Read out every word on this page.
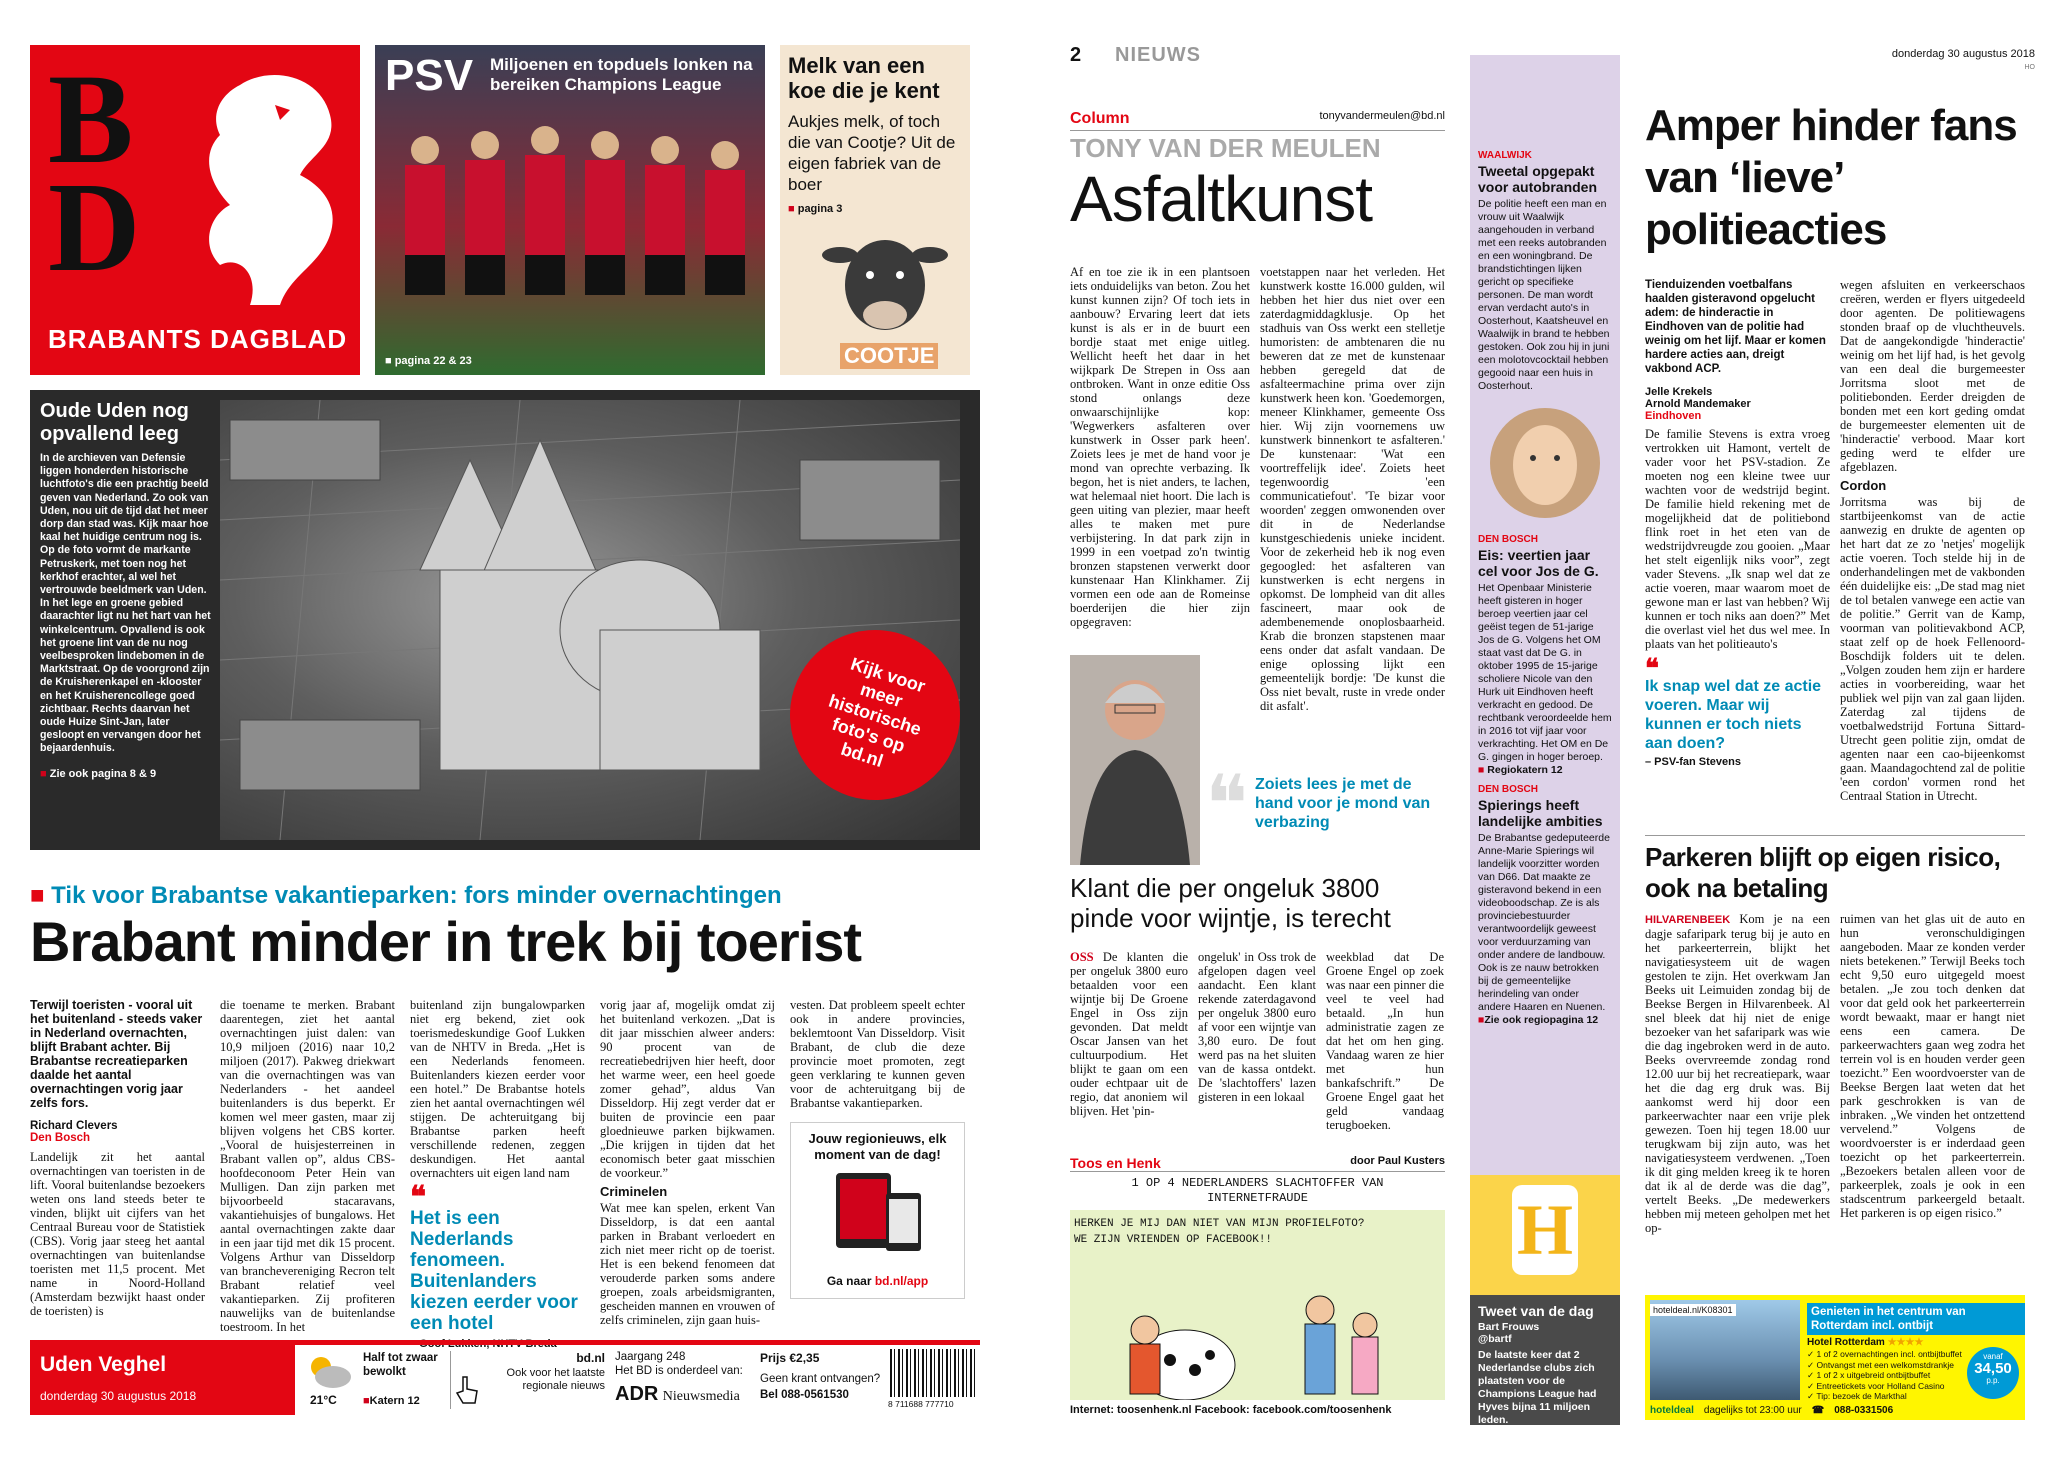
B
D
BRABANTS DAGBLAD
PSV Miljoenen en topduels lonken na bereiken Champions League
■ pagina 22 & 23
Melk van een koe die je kent
Aukjes melk, of toch die van Cootje? Uit de eigen fabriek van de boer
■ pagina 3
COOTJE
Oude Uden nog opvallend leeg
In de archieven van Defensie liggen honderden historische luchtfoto's die een prachtig beeld geven van Nederland. Zo ook van Uden, nou uit de tijd dat het meer dorp dan stad was. Kijk maar hoe kaal het huidige centrum nog is. Op de foto vormt de markante Petruskerk, met toen nog het kerkhof erachter, al wel het vertrouwde beeldmerk van Uden. In het lege en groene gebied daarachter ligt nu het hart van het winkelcentrum. Opvallend is ook het groene lint van de nu nog veelbesproken lindebomen in de Marktstraat. Op de voorgrond zijn de Kruisherenkapel en -klooster en het Kruisherencollege goed zichtbaar. Rechts daarvan het oude Huize Sint-Jan, later gesloopt en vervangen door het bejaardenhuis.
■ Zie ook pagina 8 & 9
Kijk voor meer historische foto's op bd.nl
■ Tik voor Brabantse vakantieparken: fors minder overnachtingen
Brabant minder in trek bij toerist
Terwijl toeristen - vooral uit het buitenland - steeds vaker in Nederland overnachten, blijft Brabant achter. Bij Brabantse recreatieparken daalde het aantal overnachtingen vorig jaar zelfs fors.
Richard Clevers
Den Bosch
Landelijk zit het aantal overnachtingen van toeristen in de lift. Vooral buitenlandse bezoekers weten ons land steeds beter te vinden, blijkt uit cijfers van het Centraal Bureau voor de Statistiek (CBS). Vorig jaar steeg het aantal overnachtingen van buitenlandse toeristen met 11,5 procent. Met name in Noord-Holland (Amsterdam bezwijkt haast onder de toeristen) is
die toename te merken. Brabant daarentegen, ziet het aantal overnachtingen juist dalen: van 10,9 miljoen (2016) naar 10,2 miljoen (2017). Pakweg driekwart van die overnachtingen was van Nederlanders - het aandeel buitenlanders is dus beperkt. Er komen wel meer gasten, maar zij blijven volgens het CBS korter. „Vooral de huisjesterreinen in Brabant vallen op”, aldus CBS-hoofdeconoom Peter Hein van Mulligen. Dan zijn parken met bijvoorbeeld stacaravans, vakantiehuisjes of bungalows. Het aantal overnachtingen zakte daar in een jaar tijd met dik 15 procent. Volgens Arthur van Disseldorp van branchevereniging Recron telt Brabant relatief veel vakantieparken. Zij profiteren nauwelijks van de buitenlandse toestroom. In het
buitenland zijn bungalowparken niet erg bekend, ziet ook toerismedeskundige Goof Lukken van de NHTV in Breda. „Het is een Nederlands fenomeen. Buitenlanders kiezen eerder voor een hotel.” De Brabantse hotels zien het aantal overnachtingen wél stijgen. De achteruitgang bij Brabantse parken heeft verschillende redenen, zeggen deskundigen. Het aantal overnachters uit eigen land nam
❝
Het is een Nederlands fenomeen. Buitenlanders kiezen eerder voor een hotel
– Goof Lukken, NHTV Breda
vorig jaar af, mogelijk omdat zij het buitenland verkozen. „Dat is dit jaar misschien alweer anders: 90 procent van de recreatiebedrijven hier heeft, door het warme weer, een heel goede zomer gehad”, aldus Van Disseldorp. Hij zegt verder dat er buiten de provincie een paar gloednieuwe parken bijkwamen. „Die krijgen in tijden dat het economisch beter gaat misschien de voorkeur.”
Criminelen
Wat mee kan spelen, erkent Van Disseldorp, is dat een aantal parken in Brabant verloedert en zich niet meer richt op de toerist. Het is een bekend fenomeen dat verouderde parken soms andere groepen, zoals arbeidsmigranten, gescheiden mannen en vrouwen of zelfs criminelen, zijn gaan huis-
vesten. Dat probleem speelt echter ook in andere provincies, beklemtoont Van Disseldorp. Visit Brabant, de club die deze provincie moet promoten, zegt geen verklaring te kunnen geven voor de achteruitgang bij de Brabantse vakantieparken.
Jouw regionieuws, elk moment van de dag!
Ga naar bd.nl/app
Uden Veghel
donderdag 30 augustus 2018	21°C
Half tot zwaar bewolkt
■Katern 12
bd.nl
Ook voor het laatste regionale nieuws
Jaargang 248
Het BD is onderdeel van:
ADR Nieuwsmedia
Prijs €2,35
Geen krant ontvangen?
Bel 088-0561530
8 711688 777710
2 NIEUWS	donderdag 30 augustus 2018
HO
Column	tonyvandermeulen@bd.nl
TONY VAN DER MEULEN
Asfaltkunst
Af en toe zie ik in een plantsoen iets onduidelijks van beton. Zou het kunst kunnen zijn? Of toch iets in aanbouw? Ervaring leert dat iets kunst is als er in de buurt een bordje staat met enige uitleg. Wellicht heeft het daar in het wijkpark De Strepen in Oss aan ontbroken. Want in onze editie Oss stond onlangs deze onwaarschijnlijke kop: 'Wegwerkers asfalteren over kunstwerk in Osser park heen'. Zoiets lees je met de hand voor je mond van oprechte verbazing. Ik begon, het is niet anders, te lachen, wat helemaal niet hoort. Die lach is geen uiting van plezier, maar heeft alles te maken met pure verbijstering. In dat park zijn in 1999 in een voetpad zo'n twintig bronzen stapstenen verwerkt door kunstenaar Han Klinkhamer. Zij vormen een ode aan de Romeinse boerderijen die hier zijn opgegraven:
voetstappen naar het verleden. Het kunstwerk kostte 16.000 gulden, wil hebben het hier dus niet over een zaterdagmiddagklusje. Op het stadhuis van Oss werkt een stelletje humoristen: de ambtenaren die nu beweren dat ze met de kunstenaar hebben geregeld dat de asfalteermachine prima over zijn kunstwerk heen kon. 'Goedemorgen, meneer Klinkhamer, gemeente Oss hier. Wij zijn voornemens uw kunstwerk binnenkort te asfalteren.' De kunstenaar: 'Wat een voortreffelijk idee'. Zoiets heet tegenwoordig 'een communicatiefout'. 'Te bizar voor woorden' zeggen omwonenden over dit in de Nederlandse kunstgeschiedenis unieke incident. Voor de zekerheid heb ik nog even gegoogled: het asfalteren van kunstwerken is echt nergens in opkomst. De lompheid van dit alles fascineert, maar ook de adembenemende onoplosbaarheid. Krab die bronzen stapstenen maar eens onder dat asfalt vandaan. De enige oplossing lijkt een gemeentelijk bordje: 'De kunst die Oss niet bevalt, ruste in vrede onder dit asfalt'.
❝ Zoiets lees je met de hand voor je mond van verbazing
Klant die per ongeluk 3800 pinde voor wijntje, is terecht
OSS De klanten die per ongeluk 3800 euro betaalden voor een wijntje bij De Groene Engel in Oss zijn gevonden. Dat meldt Oscar Jansen van het cultuurpodium. Het blijkt te gaan om een ouder echtpaar uit de regio, dat anoniem wil blijven. Het 'pin-
ongeluk' in Oss trok de afgelopen dagen veel aandacht. Een klant rekende zaterdagavond per ongeluk 3800 euro af voor een wijntje van 3,80 euro. De fout werd pas na het sluiten van de kassa ontdekt. De 'slachtoffers' lazen gisteren in een lokaal
weekblad dat De Groene Engel op zoek was naar een pinner die veel te veel had betaald. „In hun administratie zagen ze dat het om hen ging. Vandaag waren ze hier met hun bankafschrift.” De Groene Engel gaat het geld vandaag terugboeken.
Toos en Henk	door Paul Kusters
1 OP 4 NEDERLANDERS SLACHTOFFER VAN INTERNETFRAUDE
HERKEN JE MIJ DAN NIET VAN MIJN PROFIELFOTO? WE ZIJN VRIENDEN OP FACEBOOK!!
Internet: toosenhenk.nl Facebook: facebook.com/toosenhenk
WAALWIJK
Tweetal opgepakt voor autobranden
De politie heeft een man en vrouw uit Waalwijk aangehouden in verband met een reeks autobranden en een woningbrand. De brandstichtingen lijken gericht op specifieke personen. De man wordt ervan verdacht auto's in Oosterhout, Kaatsheuvel en Waalwijk in brand te hebben gestoken. Ook zou hij in juni een molotovcocktail hebben gegooid naar een huis in Oosterhout.
DEN BOSCH
Eis: veertien jaar cel voor Jos de G.
Het Openbaar Ministerie heeft gisteren in hoger beroep veertien jaar cel geëist tegen de 51-jarige Jos de G. Volgens het OM staat vast dat De G. in oktober 1995 de 15-jarige scholiere Nicole van den Hurk uit Eindhoven heeft verkracht en gedood. De rechtbank veroordeelde hem in 2016 tot vijf jaar voor verkrachting. Het OM en De G. gingen in hoger beroep.
■ Regiokatern 12
DEN BOSCH
Spierings heeft landelijke ambities
De Brabantse gedeputeerde Anne-Marie Spierings wil landelijk voorzitter worden van D66. Dat maakte ze gisteravond bekend in een videoboodschap. Ze is als provinciebestuurder verantwoordelijk geweest voor verduurzaming van onder andere de landbouw. Ook is ze nauw betrokken bij de gemeentelijke herindeling van onder andere Haaren en Nuenen.
■Zie ook regiopagina 12
H
Tweet van de dag
Bart Frouws
@bartf
De laatste keer dat 2 Nederlandse clubs zich plaatsten voor de Champions League had Hyves bijna 11 miljoen leden.
Amper hinder fans van ‘lieve’ politieacties
Tienduizenden voetbalfans haalden gisteravond opgelucht adem: de hinderactie in Eindhoven van de politie had weinig om het lijf. Maar er komen hardere acties aan, dreigt vakbond ACP.
Jelle Krekels
Arnold Mandemaker
Eindhoven
De familie Stevens is extra vroeg vertrokken uit Hamont, vertelt de vader voor het PSV-stadion. Ze moeten nog een kleine twee uur wachten voor de wedstrijd begint. De familie hield rekening met de mogelijkheid dat de politiebond flink roet in het eten van de wedstrijdvreugde zou gooien. „Maar het stelt eigenlijk niks voor”, zegt vader Stevens. „Ik snap wel dat ze actie voeren, maar waarom moet de gewone man er last van hebben? Wij kunnen er toch niks aan doen?” Met die overlast viel het dus wel mee. In plaats van het politieauto's
❝
Ik snap wel dat ze actie voeren. Maar wij kunnen er toch niets aan doen?
– PSV-fan Stevens
wegen afsluiten en verkeerschaos creëren, werden er flyers uitgedeeld door agenten. De politiewagens stonden braaf op de vluchtheuvels. Dat de aangekondigde 'hinderactie' weinig om het lijf had, is het gevolg van een deal die burgemeester Jorritsma sloot met de politiebonden. Eerder dreigden de bonden met een kort geding omdat de burgemeester elementen uit de 'hinderactie' verbood. Maar kort geding werd te elfder ure afgeblazen.
Cordon
Jorritsma was bij de startbijeenkomst van de actie aanwezig en drukte de agenten op het hart dat ze zo 'netjes' mogelijk actie voeren. Toch stelde hij in de onderhandelingen met de vakbonden één duidelijke eis: „De stad mag niet de tol betalen vanwege een actie van de politie.” Gerrit van de Kamp, voorman van politievakbond ACP, staat zelf op de hoek Fellenoord-Boschdijk folders uit te delen. „Volgen zouden hem zijn er hardere acties in voorbereiding, waar het publiek wel pijn van zal gaan lijden. Zaterdag zal tijdens de voetbalwedstrijd Fortuna Sittard-Utrecht geen politie zijn, omdat de agenten naar een cao-bijeenkomst gaan. Maandagochtend zal de politie 'een cordon' vormen rond het Centraal Station in Utrecht.
Parkeren blijft op eigen risico, ook na betaling
HILVARENBEEK Kom je na een dagje safaripark terug bij je auto en het parkeerterrein, blijkt het navigatiesysteem uit de wagen gestolen te zijn. Het overkwam Jan Beeks uit Leimuiden zondag bij de Beekse Bergen in Hilvarenbeek. Al snel bleek dat hij niet de enige bezoeker van het safaripark was wie die dag ingebroken werd in de auto. Beeks overvreemde zondag rond 12.00 uur bij het recreatiepark, waar het die dag erg druk was. Bij aankomst werd hij door een parkeerwachter naar een vrije plek gewezen. Toen hij tegen 18.00 uur terugkwam bij zijn auto, was het navigatiesysteem verdwenen. „Toen ik dit ging melden kreeg ik te horen dat ik al de derde was die dag”, vertelt Beeks. „De medewerkers hebben mij meteen geholpen met het op-
ruimen van het glas uit de auto en hun veronschuldigingen aangeboden. Maar ze konden verder niets betekenen.” Terwijl Beeks toch echt 9,50 euro uitgegeld moest betalen. „Je zou toch denken dat voor dat geld ook het parkeerterrein wordt bewaakt, maar er hangt niet eens een camera. De parkeerwachters gaan weg zodra het terrein vol is en houden verder geen toezicht.” Een woordvoerster van de Beekse Bergen laat weten dat het park geschrokken is van de inbraken. „We vinden het ontzettend vervelend.” Volgens de woordvoerster is er inderdaad geen toezicht op het parkeerterrein. „Bezoekers betalen alleen voor de parkeerplek, zoals je ook in een stadscentrum parkeergeld betaalt. Het parkeren is op eigen risico.”
hoteldeal.nl/K08301	Genieten in het centrum van Rotterdam incl. ontbijt
Hotel Rotterdam ★★★★
✓ 1 of 2 overnachtingen incl. ontbijtbuffet
✓ Ontvangst met een welkomstdrankje
✓ 1 of 2 x uitgebreid ontbijtbuffet
✓ Entreetickets voor Holland Casino
✓ Tip: bezoek de Markthal
vanaf
34,50
p.p.
hoteldeal dagelijks tot 23:00 uur ☎ 088-0331506
